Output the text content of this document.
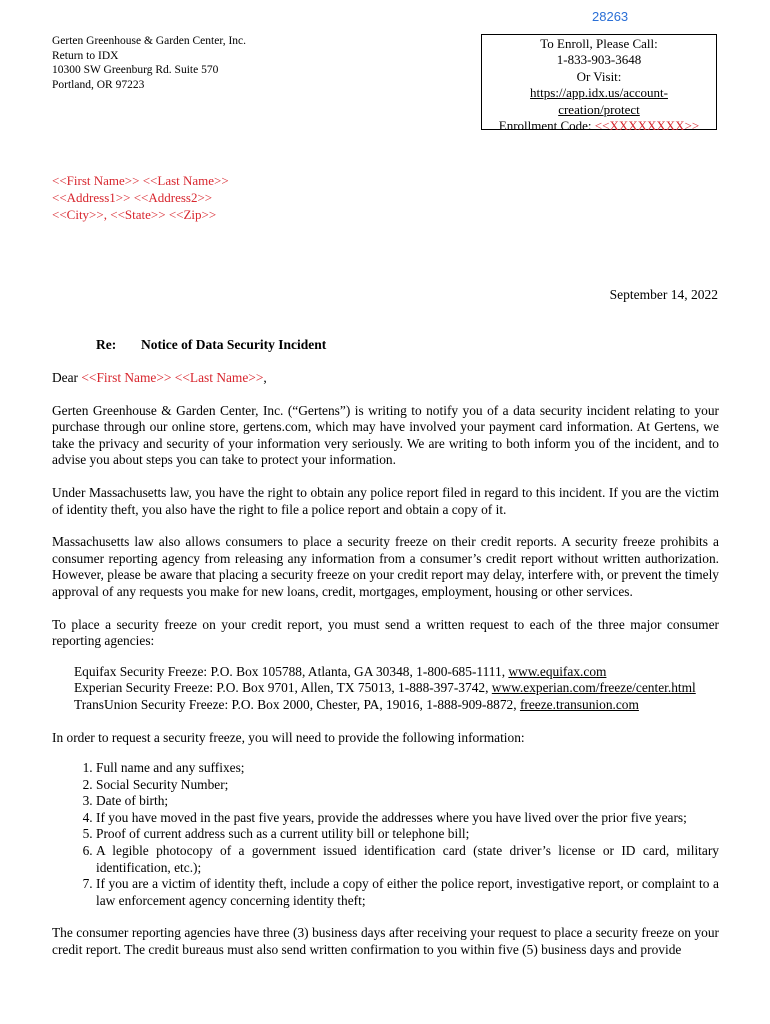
28263
Gerten Greenhouse & Garden Center, Inc.
Return to IDX
10300 SW Greenburg Rd. Suite 570
Portland, OR 97223
To Enroll, Please Call:
1-833-903-3648
Or Visit:
https://app.idx.us/account-
creation/protect
Enrollment Code: <<XXXXXXXX>>
<<First Name>> <<Last Name>>
<<Address1>> <<Address2>>
<<City>>, <<State>> <<Zip>>
September 14, 2022
Re: Notice of Data Security Incident
Dear <<First Name>> <<Last Name>>,

Gerten Greenhouse & Garden Center, Inc. (“Gertens”) is writing to notify you of a data security incident relating to your purchase through our online store, gertens.com, which may have involved your payment card information. At Gertens, we take the privacy and security of your information very seriously. We are writing to both inform you of the incident, and to advise you about steps you can take to protect your information.

Under Massachusetts law, you have the right to obtain any police report filed in regard to this incident. If you are the victim of identity theft, you also have the right to file a police report and obtain a copy of it.

Massachusetts law also allows consumers to place a security freeze on their credit reports. A security freeze prohibits a consumer reporting agency from releasing any information from a consumer’s credit report without written authorization. However, please be aware that placing a security freeze on your credit report may delay, interfere with, or prevent the timely approval of any requests you make for new loans, credit, mortgages, employment, housing or other services.

To place a security freeze on your credit report, you must send a written request to each of the three major consumer reporting agencies:

Equifax Security Freeze: P.O. Box 105788, Atlanta, GA 30348, 1-800-685-1111, www.equifax.com
Experian Security Freeze: P.O. Box 9701, Allen, TX 75013, 1-888-397-3742, www.experian.com/freeze/center.html
TransUnion Security Freeze: P.O. Box 2000, Chester, PA, 19016, 1-888-909-8872, freeze.transunion.com

In order to request a security freeze, you will need to provide the following information:

1. Full name and any suffixes;
2. Social Security Number;
3. Date of birth;
4. If you have moved in the past five years, provide the addresses where you have lived over the prior five years;
5. Proof of current address such as a current utility bill or telephone bill;
6. A legible photocopy of a government issued identification card (state driver’s license or ID card, military identification, etc.);
7. If you are a victim of identity theft, include a copy of either the police report, investigative report, or complaint to a law enforcement agency concerning identity theft;

The consumer reporting agencies have three (3) business days after receiving your request to place a security freeze on your credit report. The credit bureaus must also send written confirmation to you within five (5) business days and provide
